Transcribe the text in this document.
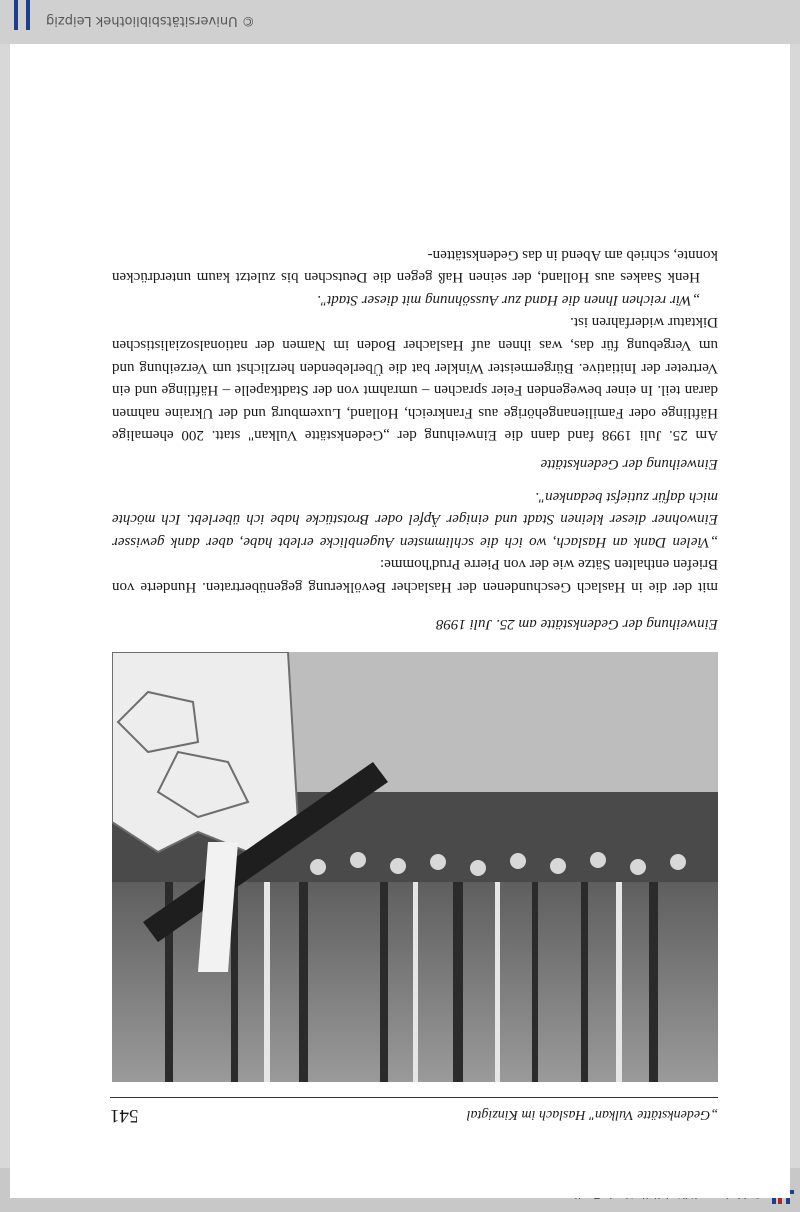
„Gedenkstätte Vulkan" Haslach im Kinzigtal
541
Einweihung der Gedenkstätte am 25. Juli 1998

mit der die in Haslach Geschundenen der Haslacher Bevölkerung gegenübertraten. Hunderte von Briefen enthalten Sätze wie der von Pierre Prud'homme:

„Vielen Dank an Haslach, wo ich die schlimmsten Augenblicke erlebt habe, aber dank gewisser Einwohner dieser kleinen Stadt und einiger Äpfel oder Brotstücke habe ich überlebt. Ich möchte mich dafür zutiefst bedanken".

Einweihung der Gedenkstätte

Am 25. Juli 1998 fand dann die Einweihung der „Gedenkstätte Vulkan" statt. 200 ehemalige Häftlinge oder Familienangehörige aus Frankreich, Holland, Luxemburg und der Ukraine nahmen daran teil. In einer bewegenden Feier sprachen – umrahmt von der Stadtkapelle – Häftlinge und ein Vertreter der Initiative. Bürgermeister Winkler bat die Überlebenden herzlichst um Verzeihung und um Vergebung für das, was ihnen auf Haslacher Boden im Namen der nationalsozialistischen Diktatur widerfahren ist.

„Wir reichen Ihnen die Hand zur Aussöhnung mit dieser Stadt".

Henk Saakes aus Holland, der seinen Haß gegen die Deutschen bis zuletzt kaum unterdrücken konnte, schrieb am Abend in das Gedenkstätten-

© Universitätsbibliothek Leipzig
